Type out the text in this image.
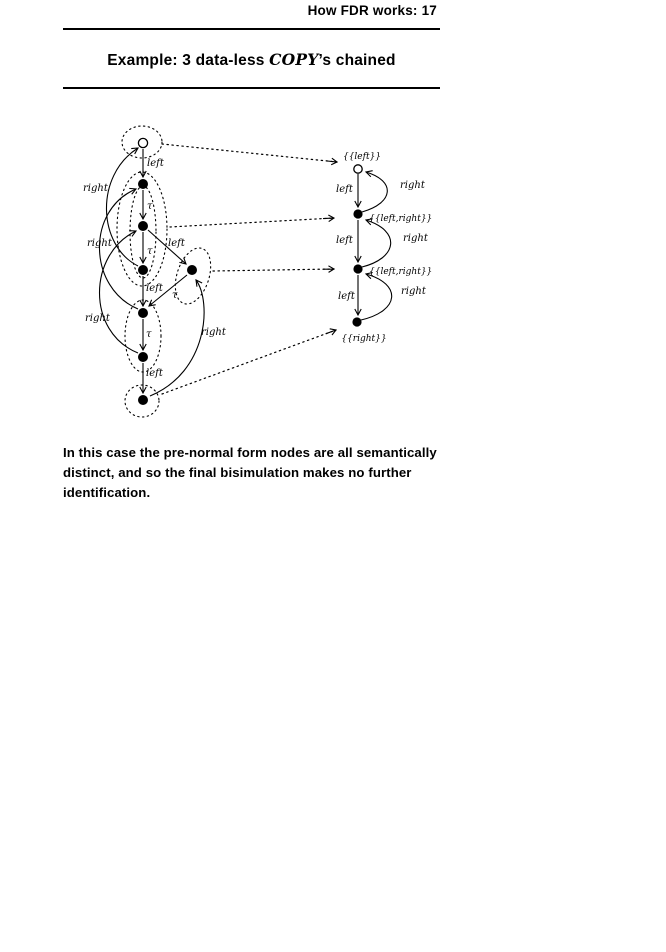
How FDR works: 17
Example: 3 data-less COPY’s chained
left
τ
τ
left
τ
left
left
τ
right
right
right
right
{{left}}
{{left,right}}
{{left,right}}
{{right}}
left
left
left
right
right
right
In this case the pre-normal form nodes are all semantically
distinct, and so the final bisimulation makes no further
identification.
